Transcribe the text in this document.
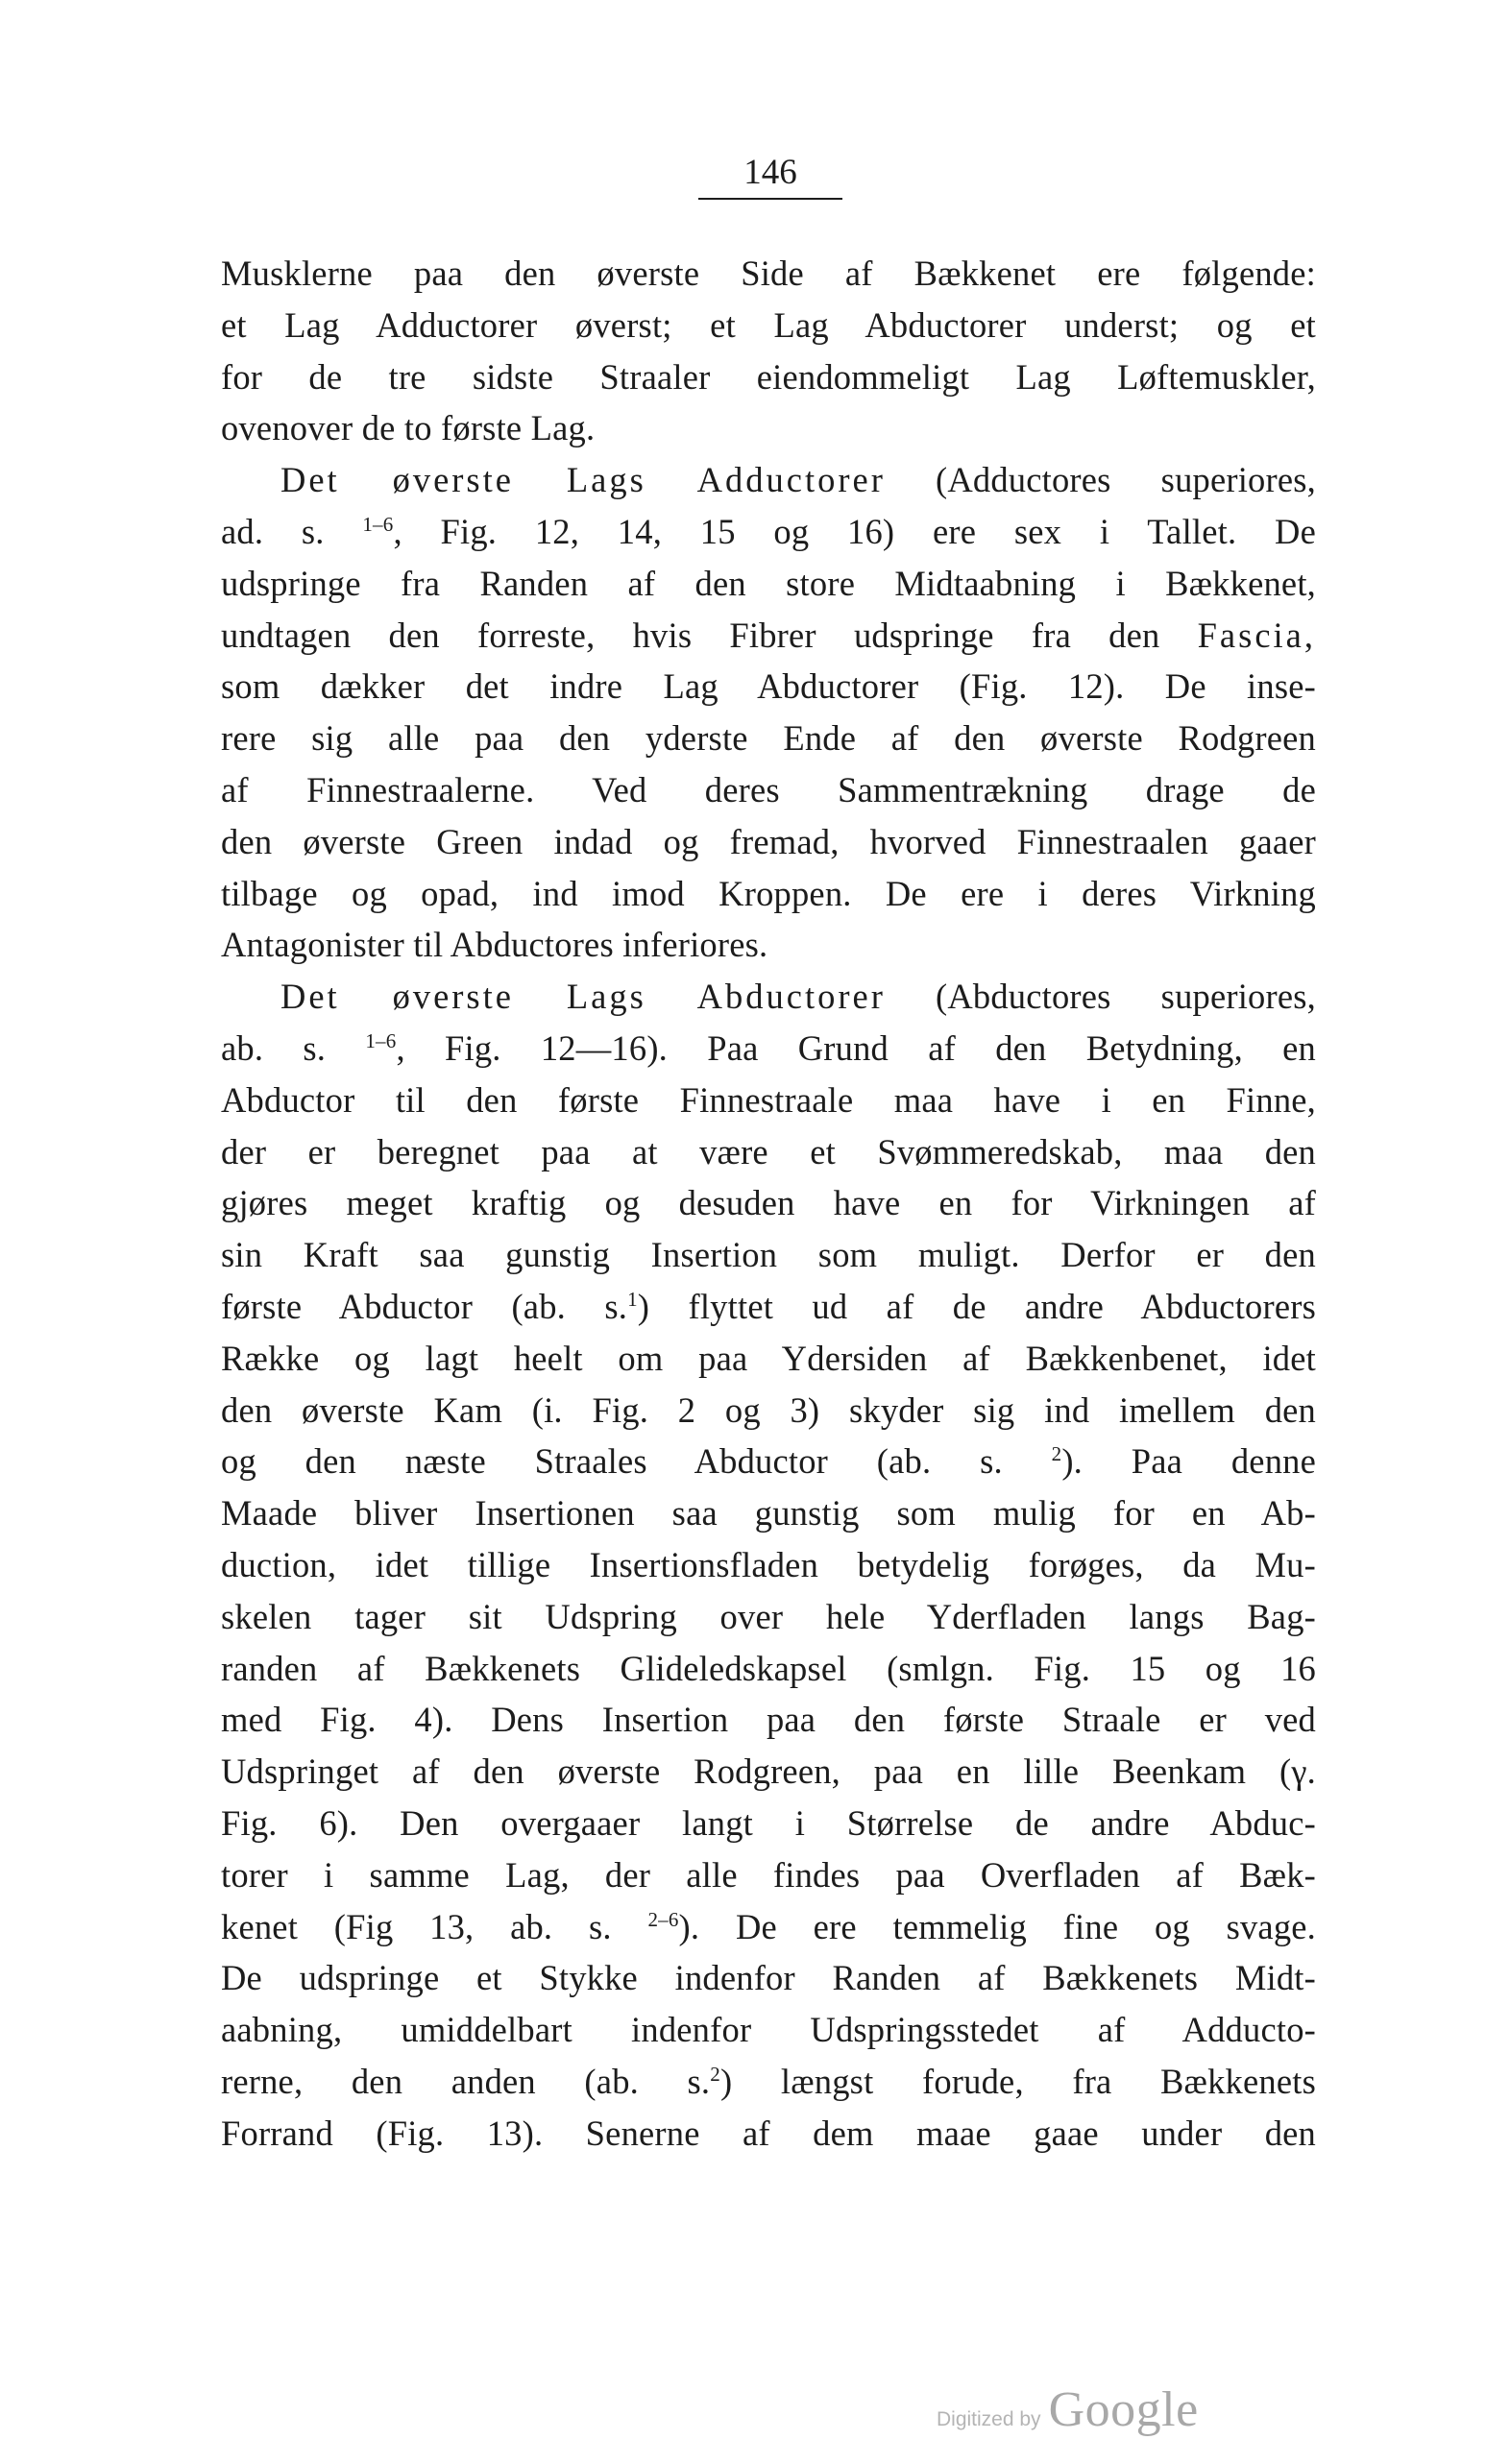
146
Musklerne paa den øverste Side af Bækkenet ere følgende:
et Lag Adductorer øverst; et Lag Abductorer underst; og et
for de tre sidste Straaler eiendommeligt Lag Løftemuskler,
ovenover de to første Lag.
Det øverste Lags Adductorer (Adductores superiores,
ad. s. $^{1-6}$, Fig. 12, 14, 15 og 16) ere sex i Tallet. De
udspringe fra Randen af den store Midtaabning i Bækkenet,
undtagen den forreste, hvis Fibrer udspringe fra den Fascia,
som dækker det indre Lag Abductorer (Fig. 12). De inse-
rere sig alle paa den yderste Ende af den øverste Rodgreen
af Finnestraalerne. Ved deres Sammentrækning drage de
den øverste Green indad og fremad, hvorved Finnestraalen gaaer
tilbage og opad, ind imod Kroppen. De ere i deres Virkning
Antagonister til Abductores inferiores.
Det øverste Lags Abductorer (Abductores superiores,
ab. s. $^{1-6}$, Fig. 12—16). Paa Grund af den Betydning, en
Abductor til den første Finnestraale maa have i en Finne,
der er beregnet paa at være et Svømmeredskab, maa den
gjøres meget kraftig og desuden have en for Virkningen af
sin Kraft saa gunstig Insertion som muligt. Derfor er den
første Abductor (ab. s.$^1$) flyttet ud af de andre Abductorers
Række og lagt heelt om paa Ydersiden af Bækkenbenet, idet
den øverste Kam (i. Fig. 2 og 3) skyder sig ind imellem den
og den næste Straales Abductor (ab. s. $^2$). Paa denne
Maade bliver Insertionen saa gunstig som mulig for en Ab-
duction, idet tillige Insertionsfladen betydelig forøges, da Mu-
skelen tager sit Udspring over hele Yderfladen langs Bag-
randen af Bækkenets Glideledskapsel (smlgn. Fig. 15 og 16
med Fig. 4). Dens Insertion paa den første Straale er ved
Udspringet af den øverste Rodgreen, paa en lille Beenkam (γ.
Fig. 6). Den overgaaer langt i Størrelse de andre Abduc-
torer i samme Lag, der alle findes paa Overfladen af Bæk-
kenet (Fig 13, ab. s. $^{2-6}$). De ere temmelig fine og svage.
De udspringe et Stykke indenfor Randen af Bækkenets Midt-
aabning, umiddelbart indenfor Udspringsstedet af Adducto-
rerne, den anden (ab. s.$^2$) længst forude, fra Bækkenets
Forrand (Fig. 13). Senerne af dem maae gaae under den
Digitized by Google
